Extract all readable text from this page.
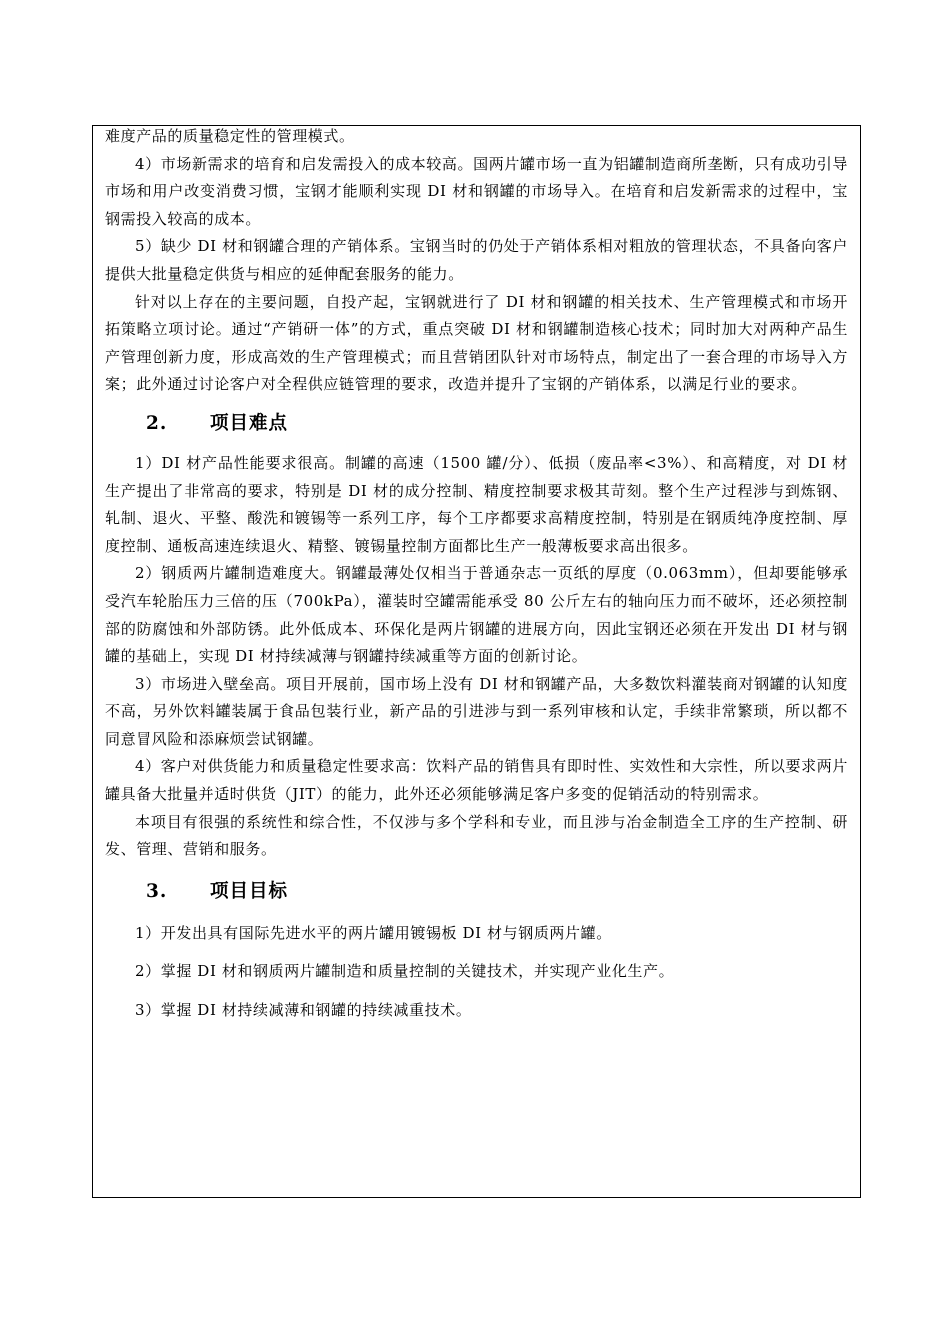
难度产品的质量稳定性的管理模式。

4）市场新需求的培育和启发需投入的成本较高。国两片罐市场一直为铝罐制造商所垄断，只有成功引导市场和用户改变消费习惯，宝钢才能顺利实现 DI 材和钢罐的市场导入。在培育和启发新需求的过程中，宝钢需投入较高的成本。

5）缺少 DI 材和钢罐合理的产销体系。宝钢当时的仍处于产销体系相对粗放的管理状态，不具备向客户提供大批量稳定供货与相应的延伸配套服务的能力。

针对以上存在的主要问题，自投产起，宝钢就进行了 DI 材和钢罐的相关技术、生产管理模式和市场开拓策略立项讨论。通过“产销研一体”的方式，重点突破 DI 材和钢罐制造核心技术；同时加大对两种产品生产管理创新力度，形成高效的生产管理模式；而且营销团队针对市场特点，制定出了一套合理的市场导入方案；此外通过讨论客户对全程供应链管理的要求，改造并提升了宝钢的产销体系，以满足行业的要求。

2. 项目难点

1）DI 材产品性能要求很高。制罐的高速（1500 罐/分）、低损（废品率<3%）、和高精度，对 DI 材生产提出了非常高的要求，特别是 DI 材的成分控制、精度控制要求极其苛刻。整个生产过程涉与到炼钢、轧制、退火、平整、酸洗和镀锡等一系列工序，每个工序都要求高精度控制，特别是在钢质纯净度控制、厚度控制、通板高速连续退火、精整、镀锡量控制方面都比生产一般薄板要求高出很多。

2）钢质两片罐制造难度大。钢罐最薄处仅相当于普通杂志一页纸的厚度（0.063mm），但却要能够承受汽车轮胎压力三倍的压（700kPa），灌装时空罐需能承受 80 公斤左右的轴向压力而不破坏，还必须控制部的防腐蚀和外部防锈。此外低成本、环保化是两片钢罐的进展方向，因此宝钢还必须在开发出 DI 材与钢罐的基础上，实现 DI 材持续减薄与钢罐持续减重等方面的创新讨论。

3）市场进入壁垒高。项目开展前，国市场上没有 DI 材和钢罐产品，大多数饮料灌装商对钢罐的认知度不高，另外饮料罐装属于食品包装行业，新产品的引进涉与到一系列审核和认定，手续非常繁琐，所以都不同意冒风险和添麻烦尝试钢罐。

4）客户对供货能力和质量稳定性要求高：饮料产品的销售具有即时性、实效性和大宗性，所以要求两片罐具备大批量并适时供货（JIT）的能力，此外还必须能够满足客户多变的促销活动的特别需求。

本项目有很强的系统性和综合性，不仅涉与多个学科和专业，而且涉与冶金制造全工序的生产控制、研发、管理、营销和服务。

3. 项目目标

1）开发出具有国际先进水平的两片罐用镀锡板 DI 材与钢质两片罐。

2）掌握 DI 材和钢质两片罐制造和质量控制的关键技术，并实现产业化生产。

3）掌握 DI 材持续减薄和钢罐的持续减重技术。
